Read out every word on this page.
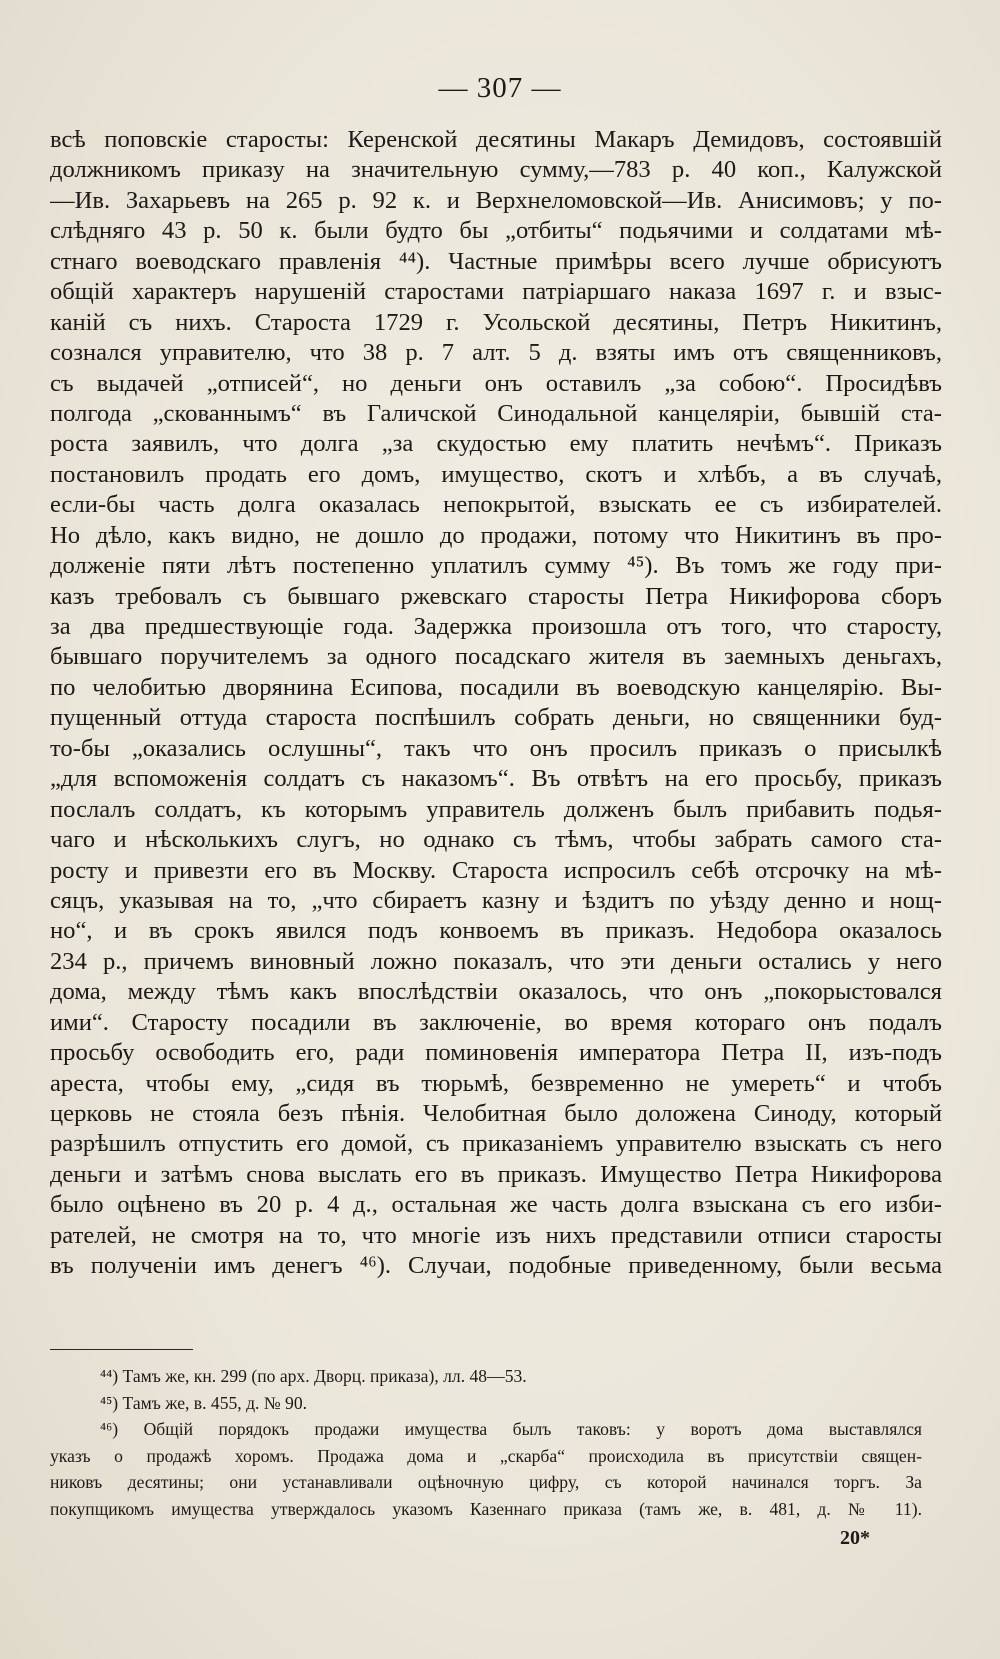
— 307 —
всѣ поповскіе старосты: Керенской десятины Макаръ Демидовъ, состоявшій
должникомъ приказу на значительную сумму,—783 р. 40 коп., Калужской
—Ив. Захарьевъ на 265 р. 92 к. и Верхнеломовской—Ив. Анисимовъ; у по-
слѣдняго 43 р. 50 к. были будто бы „отбиты“ подьячими и солдатами мѣ-
стнаго воеводскаго правленія ⁴⁴). Частные примѣры всего лучше обрисуютъ
общій характеръ нарушеній старостами патріаршаго наказа 1697 г. и взыс-
каній съ нихъ. Староста 1729 г. Усольской десятины, Петръ Никитинъ,
сознался управителю, что 38 р. 7 алт. 5 д. взяты имъ отъ священниковъ,
съ выдачей „отписей“, но деньги онъ оставилъ „за собою“. Просидѣвъ
полгода „скованнымъ“ въ Галичской Синодальной канцеляріи, бывшій ста-
роста заявилъ, что долга „за скудостью ему платить нечѣмъ“. Приказъ
постановилъ продать его домъ, имущество, скотъ и хлѣбъ, а въ случаѣ,
если-бы часть долга оказалась непокрытой, взыскать ее съ избирателей.
Но дѣло, какъ видно, не дошло до продажи, потому что Никитинъ въ про-
долженіе пяти лѣтъ постепенно уплатилъ сумму ⁴⁵). Въ томъ же году при-
казъ требовалъ съ бывшаго ржевскаго старосты Петра Никифорова сборъ
за два предшествующіе года. Задержка произошла отъ того, что старосту,
бывшаго поручителемъ за одного посадскаго жителя въ заемныхъ деньгахъ,
по челобитью дворянина Есипова, посадили въ воеводскую канцелярію. Вы-
пущенный оттуда староста поспѣшилъ собрать деньги, но священники буд-
то-бы „оказались ослушны“, такъ что онъ просилъ приказъ о присылкѣ
„для вспоможенія солдатъ съ наказомъ“. Въ отвѣтъ на его просьбу, приказъ
послалъ солдатъ, къ которымъ управитель долженъ былъ прибавить подья-
чаго и нѣсколькихъ слугъ, но однако съ тѣмъ, чтобы забрать самого ста-
росту и привезти его въ Москву. Староста испросилъ себѣ отсрочку на мѣ-
сяцъ, указывая на то, „что сбираетъ казну и ѣздитъ по уѣзду денно и нощ-
но“, и въ срокъ явился подъ конвоемъ въ приказъ. Недобора оказалось
234 р., причемъ виновный ложно показалъ, что эти деньги остались у него
дома, между тѣмъ какъ впослѣдствіи оказалось, что онъ „покорыстовался
ими“. Старосту посадили въ заключеніе, во время котораго онъ подалъ
просьбу освободить его, ради поминовенія императора Петра II, изъ-подъ
ареста, чтобы ему, „сидя въ тюрьмѣ, безвременно не умереть“ и чтобъ
церковь не стояла безъ пѣнія. Челобитная было доложена Синоду, который
разрѣшилъ отпустить его домой, съ приказаніемъ управителю взыскать съ него
деньги и затѣмъ снова выслать его въ приказъ. Имущество Петра Никифорова
было оцѣнено въ 20 р. 4 д., остальная же часть долга взыскана съ его изби-
рателей, не смотря на то, что многіе изъ нихъ представили отписи старосты
въ полученіи имъ денегъ ⁴⁶). Случаи, подобные приведенному, были весьма
⁴⁴) Тамъ же, кн. 299 (по арх. Дворц. приказа), лл. 48—53.
⁴⁵) Тамъ же, в. 455, д. № 90.
⁴⁶) Общій порядокъ продажи имущества былъ таковъ: у воротъ дома выставлялся
указъ о продажѣ хоромъ. Продажа дома и „скарба“ происходила въ присутствіи священ-
никовъ десятины; они устанавливали оцѣночную цифру, съ которой начинался торгъ. За
покупщикомъ имущества утверждалось указомъ Казеннаго приказа (тамъ же, в. 481, д. № 11).
20*
